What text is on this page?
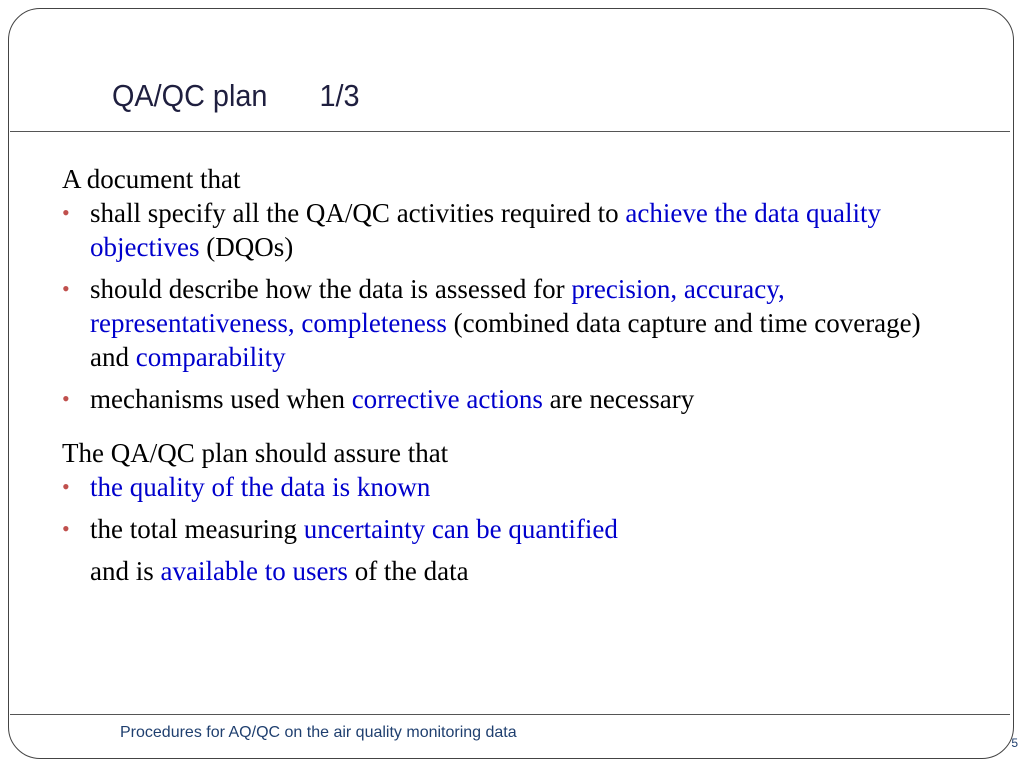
QA/QC plan 1/3

A document that

• shall specify all the QA/QC activities required to achieve the data quality objectives (DQOs)
• should describe how the data is assessed for precision, accuracy, representativeness, completeness (combined data capture and time coverage) and comparability
• mechanisms used when corrective actions are necessary

The QA/QC plan should assure that

• the quality of the data is known
• the total measuring uncertainty can be quantified
and is available to users of the data
Procedures for AQ/QC on the air quality monitoring data
5
